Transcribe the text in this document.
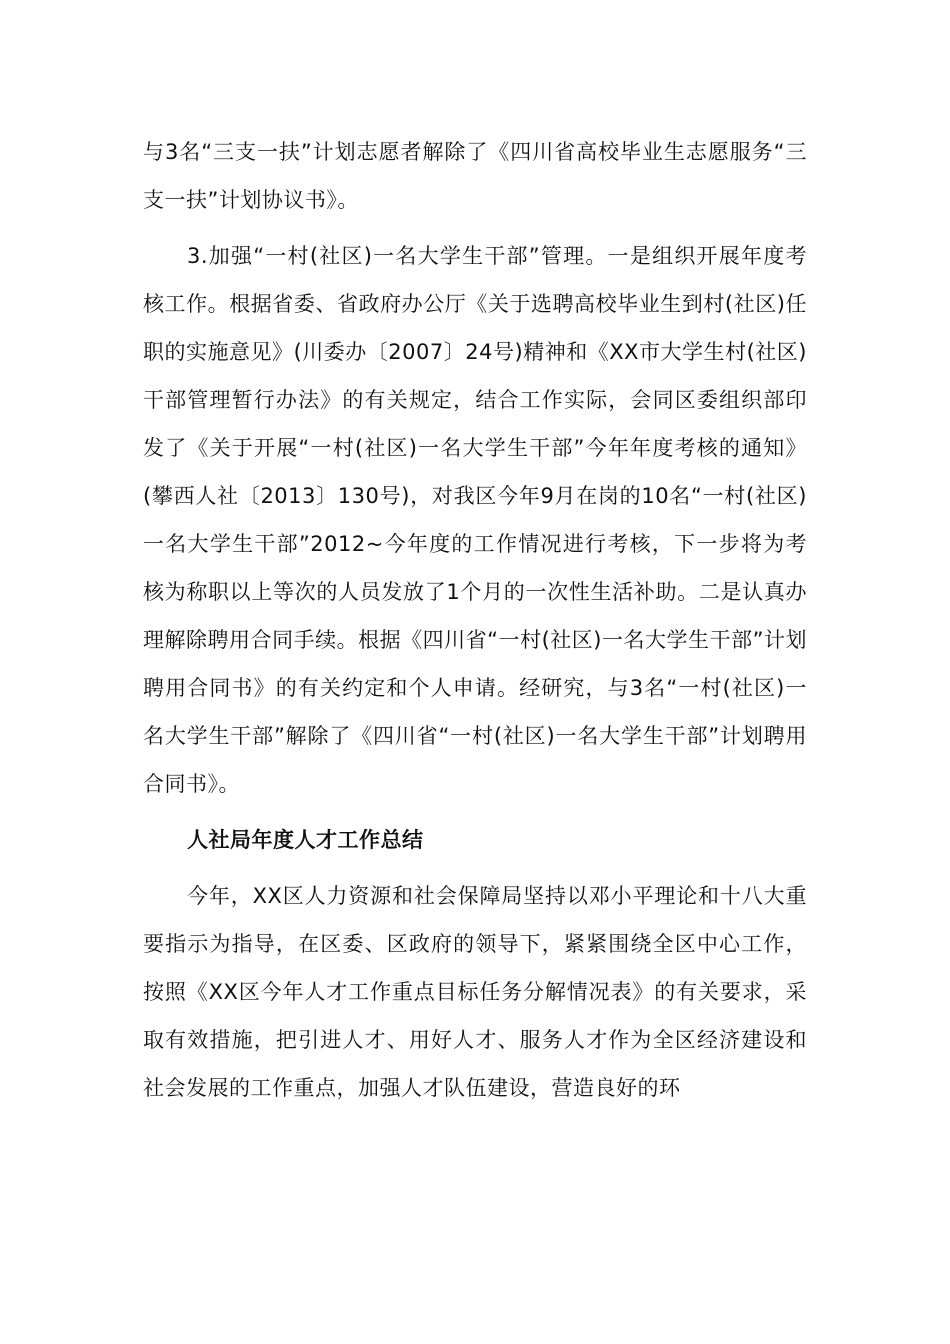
与3名“三支一扶”计划志愿者解除了《四川省高校毕业生志愿服务“三支一扶”计划协议书》。

3.加强“一村(社区)一名大学生干部”管理。一是组织开展年度考核工作。根据省委、省政府办公厅《关于选聘高校毕业生到村(社区)任职的实施意见》(川委办〔2007〕24号)精神和《XX市大学生村(社区)干部管理暂行办法》的有关规定，结合工作实际，会同区委组织部印发了《关于开展“一村(社区)一名大学生干部”今年年度考核的通知》(攀西人社〔2013〕130号)，对我区今年9月在岗的10名“一村(社区)一名大学生干部”2012~今年度的工作情况进行考核，下一步将为考核为称职以上等次的人员发放了1个月的一次性生活补助。二是认真办理解除聘用合同手续。根据《四川省“一村(社区)一名大学生干部”计划聘用合同书》的有关约定和个人申请。经研究，与3名“一村(社区)一名大学生干部”解除了《四川省“一村(社区)一名大学生干部”计划聘用合同书》。

人社局年度人才工作总结

今年，XX区人力资源和社会保障局坚持以邓小平理论和十八大重要指示为指导，在区委、区政府的领导下，紧紧围绕全区中心工作，按照《XX区今年人才工作重点目标任务分解情况表》的有关要求，采取有效措施，把引进人才、用好人才、服务人才作为全区经济建设和社会发展的工作重点，加强人才队伍建设，营造良好的环
